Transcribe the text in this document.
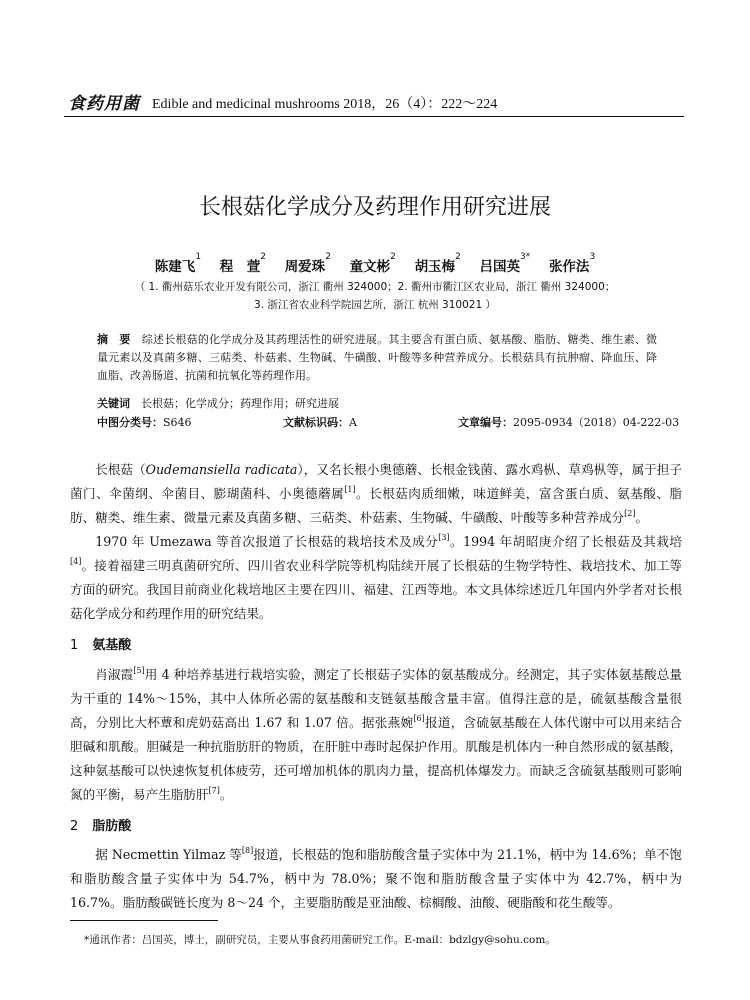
食药用菌 Edible and medicinal mushrooms 2018，26（4）：222～224
长根菇化学成分及药理作用研究进展
陈建飞$^1$ 程　萱$^2$ 周爱珠$^2$ 童文彬$^2$ 胡玉梅$^2$ 吕国英$^{3*}$ 张作法$^3$
（ 1. 衢州菇乐农业开发有限公司，浙江 衢州 324000；2. 衢州市衢江区农业局，浙江 衢州 324000；
3. 浙江省农业科学院园艺所，浙江 杭州 310021 ）
摘　要　 综述长根菇的化学成分及其药理活性的研究进展。其主要含有蛋白质、氨基酸、脂肪、糖类、维生素、微量元素以及真菌多糖、三萜类、朴菇素、生物碱、牛磺酸、叶酸等多种营养成分。长根菇具有抗肿瘤、降血压、降血脂、改善肠道、抗菌和抗氧化等药理作用。
关键词　 长根菇；化学成分；药理作用；研究进展
中图分类号：S646	文献标识码：A	文章编号：2095-0934（2018）04-222-03
长根菇（Oudemansiella radicata），又名长根小奥德蘑、长根金钱菌、露水鸡枞、草鸡枞等，属于担子菌门、伞菌纲、伞菌目、膨瑚菌科、小奥德蘑属[1]。长根菇肉质细嫩，味道鲜美，富含蛋白质、氨基酸、脂肪、糖类、维生素、微量元素及真菌多糖、三萜类、朴菇素、生物碱、牛磺酸、叶酸等多种营养成分[2]。
1970 年 Umezawa 等首次报道了长根菇的栽培技术及成分[3]。1994 年胡昭庚介绍了长根菇及其栽培[4]。接着福建三明真菌研究所、四川省农业科学院等机构陆续开展了长根菇的生物学特性、栽培技术、加工等方面的研究。我国目前商业化栽培地区主要在四川、福建、江西等地。本文具体综述近几年国内外学者对长根菇化学成分和药理作用的研究结果。
1 氨基酸
肖淑霞[5]用 4 种培养基进行栽培实验，测定了长根菇子实体的氨基酸成分。经测定，其子实体氨基酸总量为干重的 14%～15%，其中人体所必需的氨基酸和支链氨基酸含量丰富。值得注意的是，硫氨基酸含量很高，分别比大杯蕈和虎奶菇高出 1.67 和 1.07 倍。据张燕婉[6]报道，含硫氨基酸在人体代谢中可以用来结合胆碱和肌酸。胆碱是一种抗脂肪肝的物质，在肝脏中毒时起保护作用。肌酸是机体内一种自然形成的氨基酸，这种氨基酸可以快速恢复机体疲劳，还可增加机体的肌肉力量，提高机体爆发力。而缺乏含硫氨基酸则可影响氮的平衡，易产生脂肪肝[7]。
2 脂肪酸
据 Necmettin Yilmaz 等[8]报道，长根菇的饱和脂肪酸含量子实体中为 21.1%，柄中为 14.6%；单不饱和脂肪酸含量子实体中为 54.7%，柄中为 78.0%；聚不饱和脂肪酸含量子实体中为 42.7%，柄中为 16.7%。脂肪酸碳链长度为 8～24 个，主要脂肪酸是亚油酸、棕榈酸、油酸、硬脂酸和花生酸等。
*通讯作者：吕国英，博士，副研究员，主要从事食药用菌研究工作。E-mail：bdzlgy@sohu.com。
